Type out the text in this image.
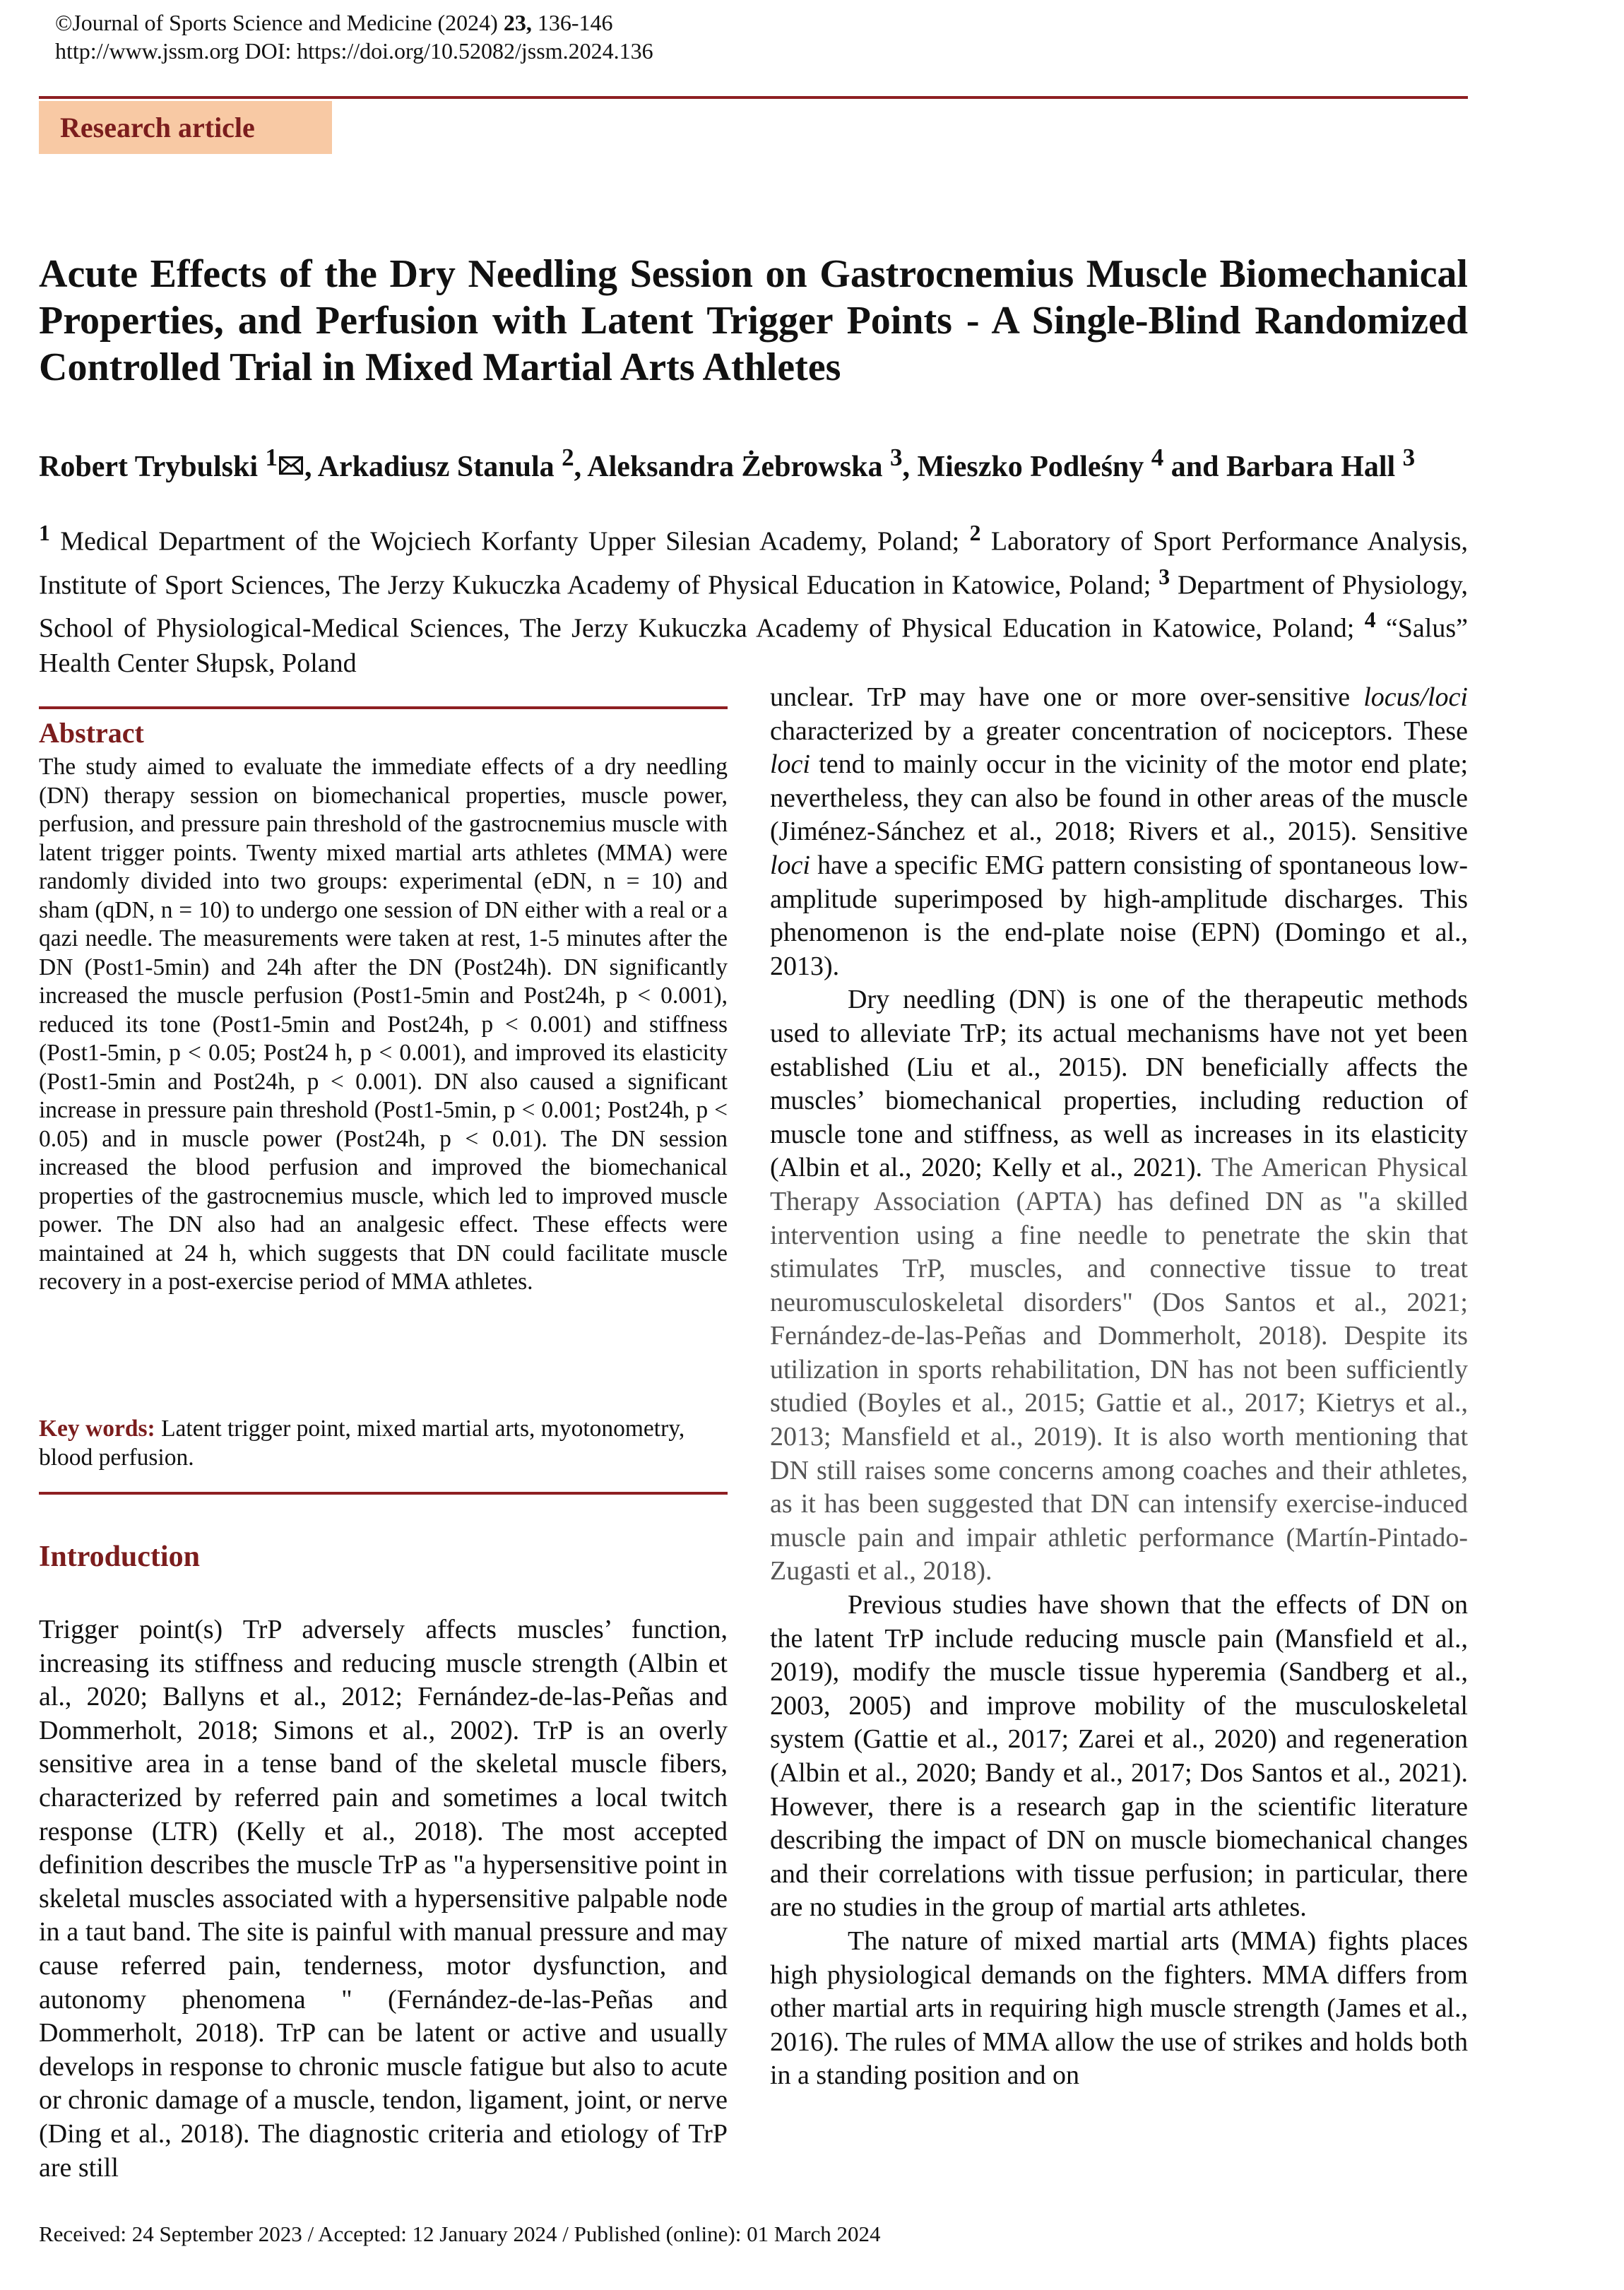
©Journal of Sports Science and Medicine (2024) 23, 136-146
http://www.jssm.org DOI: https://doi.org/10.52082/jssm.2024.136
Research article
Acute Effects of the Dry Needling Session on Gastrocnemius Muscle Biomechanical Properties, and Perfusion with Latent Trigger Points - A Single-Blind Randomized Controlled Trial in Mixed Martial Arts Athletes
Robert Trybulski $^1$ , Arkadiusz Stanula $^2$, Aleksandra Żebrowska $^3$, Mieszko Podleśny $^4$ and Barbara Hall $^3$
$^1$ Medical Department of the Wojciech Korfanty Upper Silesian Academy, Poland; $^2$ Laboratory of Sport Performance Analysis, Institute of Sport Sciences, The Jerzy Kukuczka Academy of Physical Education in Katowice, Poland; $^3$ Department of Physiology, School of Physiological-Medical Sciences, The Jerzy Kukuczka Academy of Physical Education in Katowice, Poland; $^4$ “Salus” Health Center Słupsk, Poland
Abstract
The study aimed to evaluate the immediate effects of a dry needling (DN) therapy session on biomechanical properties, muscle power, perfusion, and pressure pain threshold of the gastrocnemius muscle with latent trigger points. Twenty mixed martial arts athletes (MMA) were randomly divided into two groups: experimental (eDN, n = 10) and sham (qDN, n = 10) to undergo one session of DN either with a real or a qazi needle. The measurements were taken at rest, 1-5 minutes after the DN (Post1-5min) and 24h after the DN (Post24h). DN significantly increased the muscle perfusion (Post1-5min and Post24h, p < 0.001), reduced its tone (Post1-5min and Post24h, p < 0.001) and stiffness (Post1-5min, p < 0.05; Post24 h, p < 0.001), and improved its elasticity (Post1-5min and Post24h, p < 0.001). DN also caused a significant increase in pressure pain threshold (Post1-5min, p < 0.001; Post24h, p < 0.05) and in muscle power (Post24h, p < 0.01). The DN session increased the blood perfusion and improved the biomechanical properties of the gastrocnemius muscle, which led to improved muscle power. The DN also had an analgesic effect. These effects were maintained at 24 h, which suggests that DN could facilitate muscle recovery in a post-exercise period of MMA athletes.
Key words: Latent trigger point, mixed martial arts, myotonometry, blood perfusion.
Introduction

Trigger point(s) TrP adversely affects muscles’ function, increasing its stiffness and reducing muscle strength (Albin et al., 2020; Ballyns et al., 2012; Fernández-de-las-Peñas and Dommerholt, 2018; Simons et al., 2002). TrP is an overly sensitive area in a tense band of the skeletal muscle fibers, characterized by referred pain and sometimes a local twitch response (LTR) (Kelly et al., 2018). The most accepted definition describes the muscle TrP as "a hypersensitive point in skeletal muscles associated with a hypersensitive palpable node in a taut band. The site is painful with manual pressure and may cause referred pain, tenderness, motor dysfunction, and autonomy phenomena " (Fernández-de-las-Peñas and Dommerholt, 2018). TrP can be latent or active and usually develops in response to chronic muscle fatigue but also to acute or chronic damage of a muscle, tendon, ligament, joint, or nerve (Ding et al., 2018). The diagnostic criteria and etiology of TrP are still

unclear. TrP may have one or more over-sensitive locus/loci characterized by a greater concentration of nociceptors. These loci tend to mainly occur in the vicinity of the motor end plate; nevertheless, they can also be found in other areas of the muscle (Jiménez-Sánchez et al., 2018; Rivers et al., 2015). Sensitive loci have a specific EMG pattern consisting of spontaneous low-amplitude superimposed by high-amplitude discharges. This phenomenon is the end-plate noise (EPN) (Domingo et al., 2013).

Dry needling (DN) is one of the therapeutic methods used to alleviate TrP; its actual mechanisms have not yet been established (Liu et al., 2015). DN beneficially affects the muscles’ biomechanical properties, including reduction of muscle tone and stiffness, as well as increases in its elasticity (Albin et al., 2020; Kelly et al., 2021). The American Physical Therapy Association (APTA) has defined DN as "a skilled intervention using a fine needle to penetrate the skin that stimulates TrP, muscles, and connective tissue to treat neuromusculoskeletal disorders" (Dos Santos et al., 2021; Fernández-de-las-Peñas and Dommerholt, 2018). Despite its utilization in sports rehabilitation, DN has not been sufficiently studied (Boyles et al., 2015; Gattie et al., 2017; Kietrys et al., 2013; Mansfield et al., 2019). It is also worth mentioning that DN still raises some concerns among coaches and their athletes, as it has been suggested that DN can intensify exercise-induced muscle pain and impair athletic performance (Martín-Pintado-Zugasti et al., 2018).

Previous studies have shown that the effects of DN on the latent TrP include reducing muscle pain (Mansfield et al., 2019), modify the muscle tissue hyperemia (Sandberg et al., 2003, 2005) and improve mobility of the musculoskeletal system (Gattie et al., 2017; Zarei et al., 2020) and regeneration (Albin et al., 2020; Bandy et al., 2017; Dos Santos et al., 2021). However, there is a research gap in the scientific literature describing the impact of DN on muscle biomechanical changes and their correlations with tissue perfusion; in particular, there are no studies in the group of martial arts athletes.

The nature of mixed martial arts (MMA) fights places high physiological demands on the fighters. MMA differs from other martial arts in requiring high muscle strength (James et al., 2016). The rules of MMA allow the use of strikes and holds both in a standing position and on

Received: 24 September 2023 / Accepted: 12 January 2024 / Published (online): 01 March 2024
